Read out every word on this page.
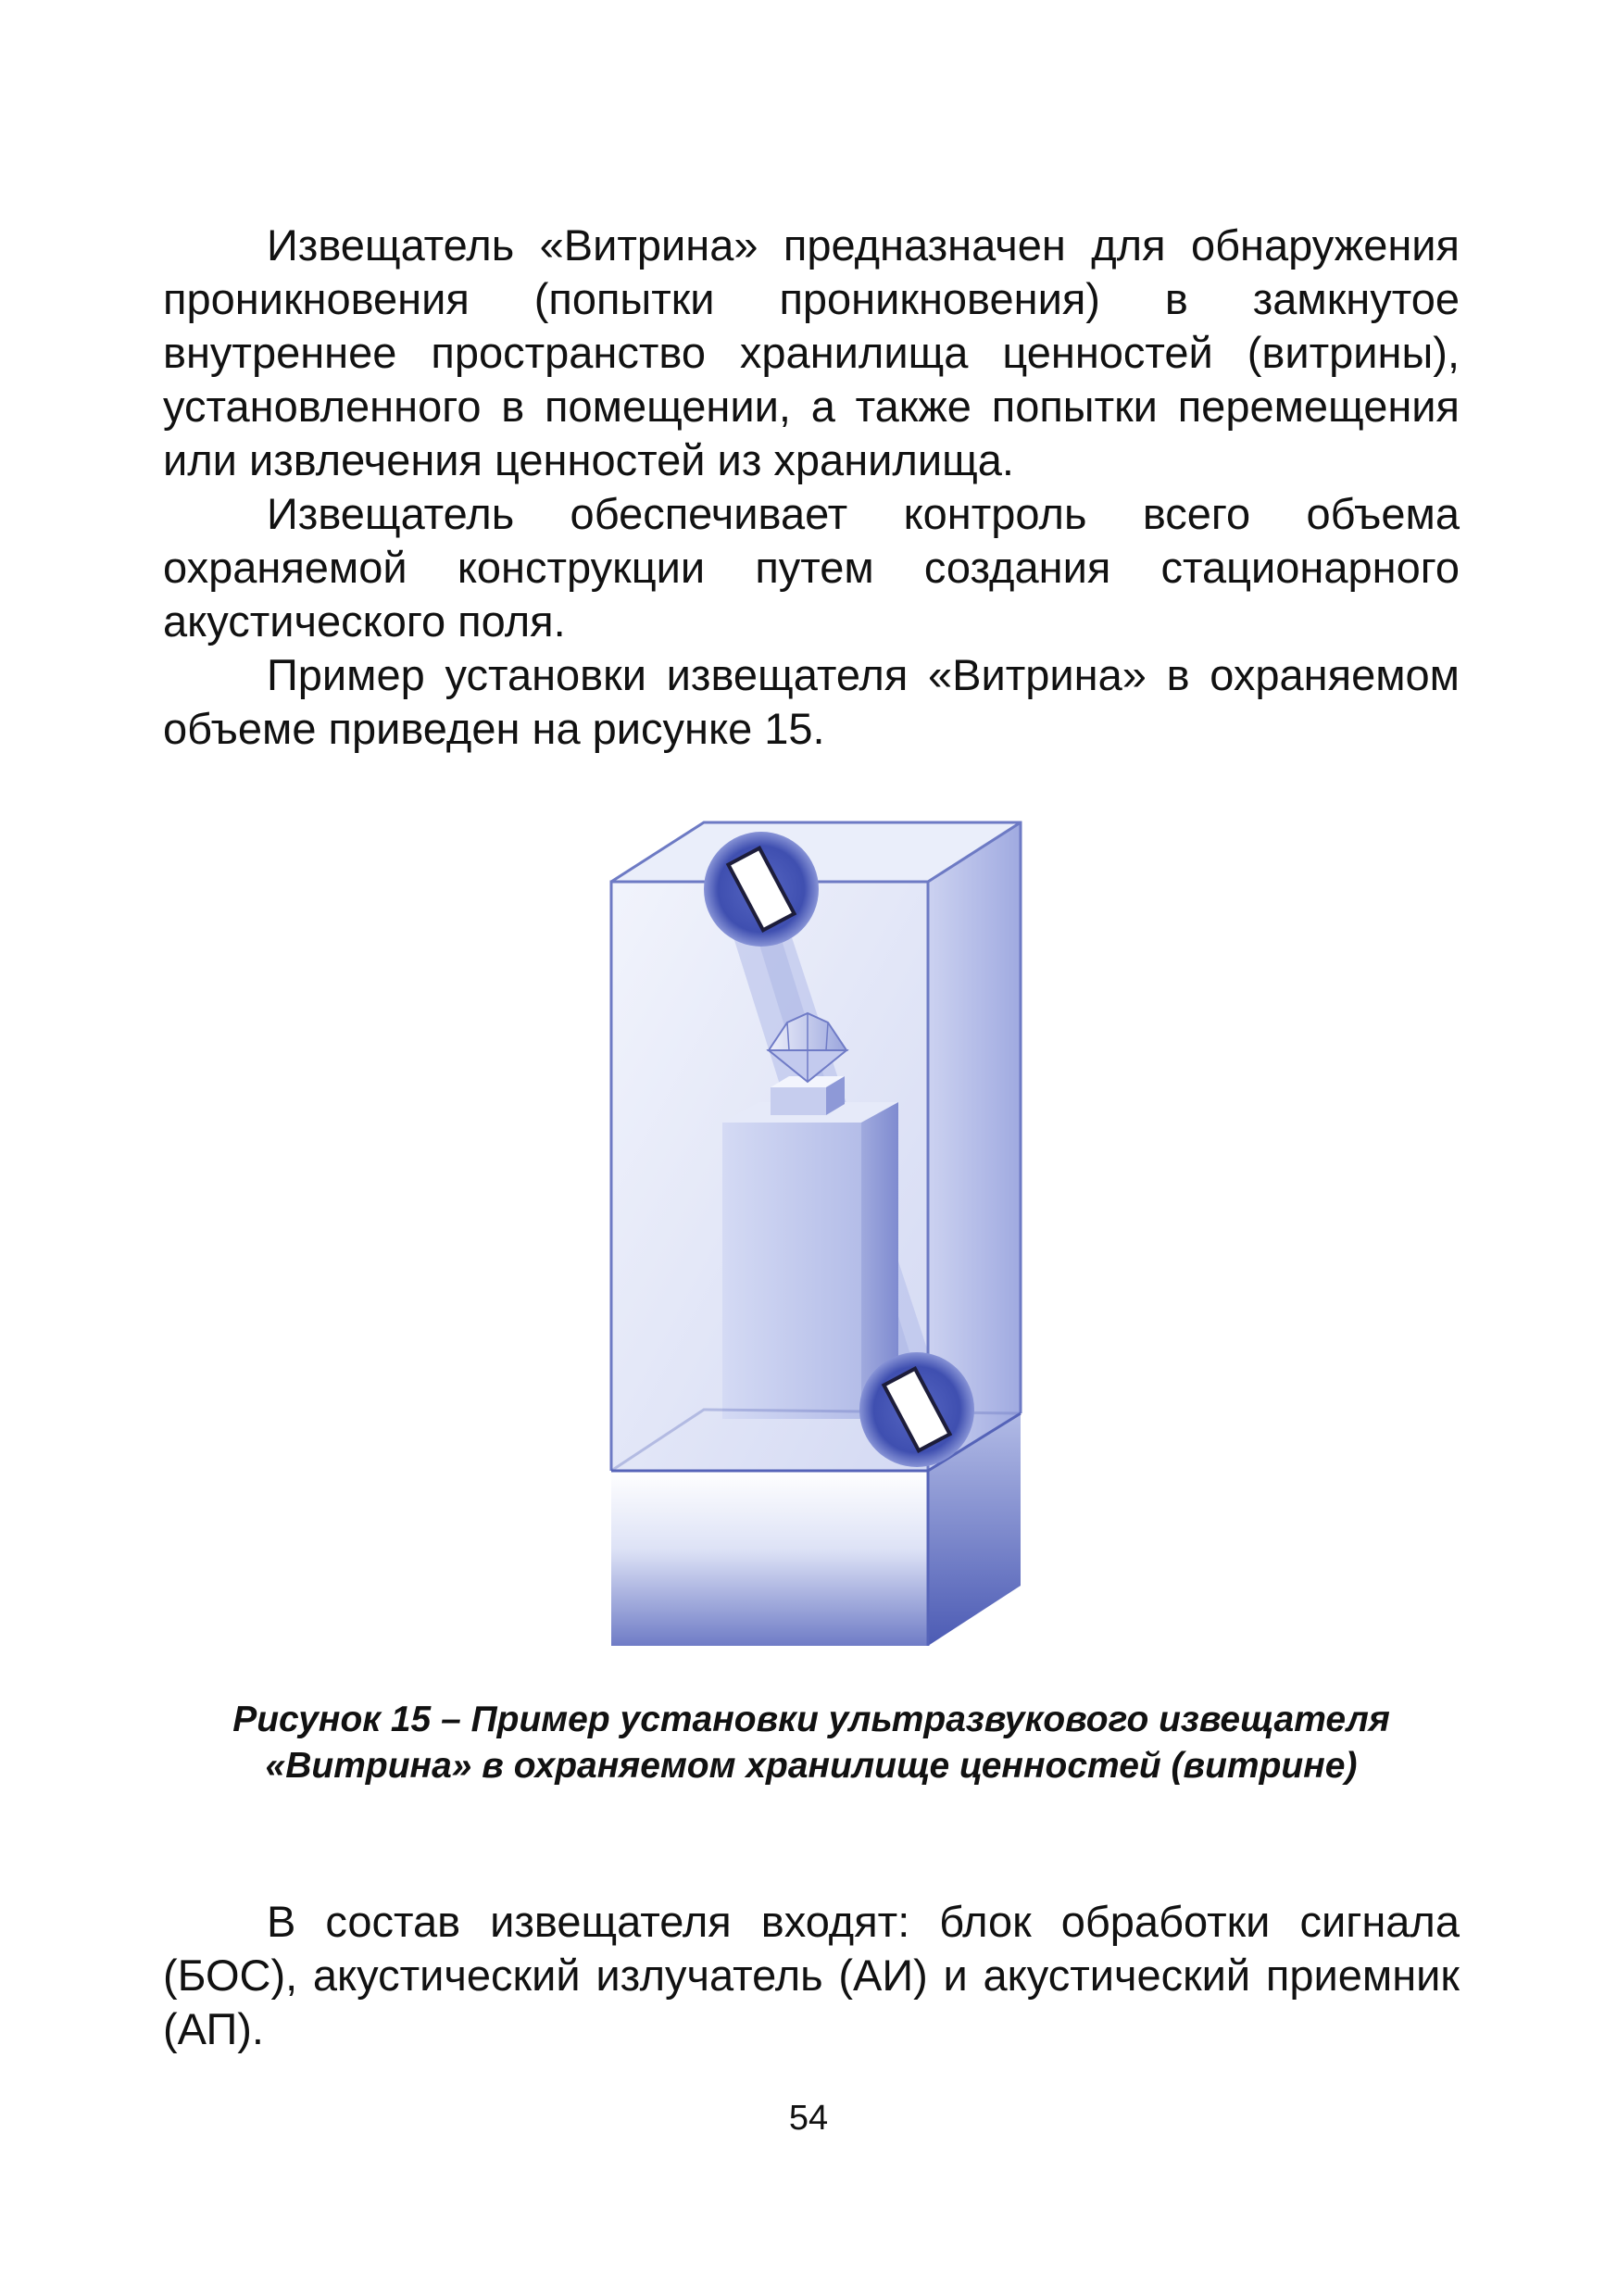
Извещатель «Витрина» предназначен для обнаружения проникновения (попытки проникновения) в замкнутое внутреннее пространство хранилища ценностей (витрины), установленного в помещении, а также попытки перемещения или извлечения ценностей из хранилища.

Извещатель обеспечивает контроль всего объема охраняемой конструкции путем создания стационарного акустического поля.

Пример установки извещателя «Витрина» в охраняемом объеме приведен на рисунке 15.

Рисунок 15 – Пример установки ультразвукового извещателя
«Витрина» в охраняемом хранилище ценностей (витрине)

В состав извещателя входят: блок обработки сигнала (БОС), акустический излучатель (АИ) и акустический приемник (АП).

54
